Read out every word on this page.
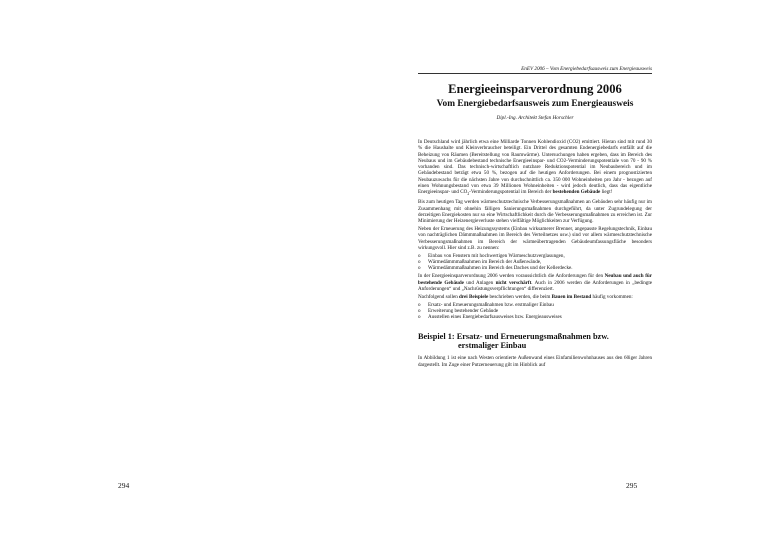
294	295
EnEV 2006 – Vom Energiebedarfsausweis zum Energieausweis
Energieeinsparverordnung 2006
Vom Energiebedarfsausweis zum Energieausweis
Dipl.-Ing. Architekt Stefan Horschler

In Deutschland wird jährlich etwa eine Milliarde Tonnen Kohlendioxid (CO2) emittiert. Hieran sind mit rund 30 % die Haushalte und Kleinverbraucher beteiligt. Ein Drittel des gesamten Endenergiebedarfs entfällt auf die Beheizung von Räumen (Bereitstellung von Raumwärme). Untersuchungen haben ergeben, dass im Bereich des Neubaus und im Gebäudebestand technische Energieeinspar- und CO2-Verminderungspotentiale von 70 - 90 % vorhanden sind. Das technisch-wirtschaftlich nutzbare Reduktionspotential im Neubaubereich und im Gebäudebestand beträgt etwa 50 %, bezogen auf die heutigen Anforderungen. Bei einem prognostizierten Neubauzuwachs für die nächsten Jahre von durchschnittlich ca. 350 000 Wohneinheiten pro Jahr - bezogen auf einen Wohnungsbestand von etwa 39 Millionen Wohneinheiten - wird jedoch deutlich, dass das eigentliche Energieeinspar- und $CO_2$-Verminderungspotential im Bereich der bestehenden Gebäude liegt!

Bis zum heutigen Tag werden wärmeschutztechnische Verbesserungsmaßnahmen an Gebäuden sehr häufig nur im Zusammenhang mit ohnehin fälligen Sanierungsmaßnahmen durchgeführt, da unter Zugrundelegung der derzeitigen Energiekosten nur so eine Wirtschaftlichkeit durch die Verbesserungsmaßnahmen zu erreichen ist. Zur Minimierung der Heizenergieverluste stehen vielfältige Möglichkeiten zur Verfügung.

Neben der Erneuerung des Heizungssystems (Einbau wirksamerer Brenner, angepasste Regelungstechnik, Einbau von nachträglichen Dämmmaßnahmen im Bereich des Verteilnetzes usw.) sind vor allem wärmeschutztechnische Verbesserungsmaßnahmen im Bereich der wärmeübertragenden Gebäudeumfassungsfläche besonders wirkungsvoll. Hier sind z.B. zu nennen:

o Einbau von Fenstern mit hochwertigen Wärmeschutzverglasungen,
o Wärmedämmmaßnahmen im Bereich der Außenwände,
o Wärmedämmmaßnahmen im Bereich des Daches und der Kellerdecke.

In der Energieeinsparverordnung 2006 werden voraussichtlich die Anforderungen für den Neubau und auch für bestehende Gebäude und Anlagen nicht verschärft. Auch in 2006 werden die Anforderungen in „bedingte Anforderungen“ und „Nachrüstungsverpflichtungen“ differenziert.

Nachfolgend sollen drei Beispiele beschrieben werden, die beim Bauen im Bestand häufig vorkommen:

o Ersatz- und Erneuerungsmaßnahmen bzw. erstmaliger Einbau
o Erweiterung bestehender Gebäude
o Ausstellen eines Energiebedarfsausweises bzw. Energieausweises
Beispiel 1: Ersatz- und Erneuerungsmaßnahmen bzw.
erstmaliger Einbau

In Abbildung 1 ist eine nach Westen orientierte Außenwand eines Einfamilienwohnhauses aus den 60iger Jahren dargestellt. Im Zuge einer Putzerneuerung gilt im Hinblick auf
